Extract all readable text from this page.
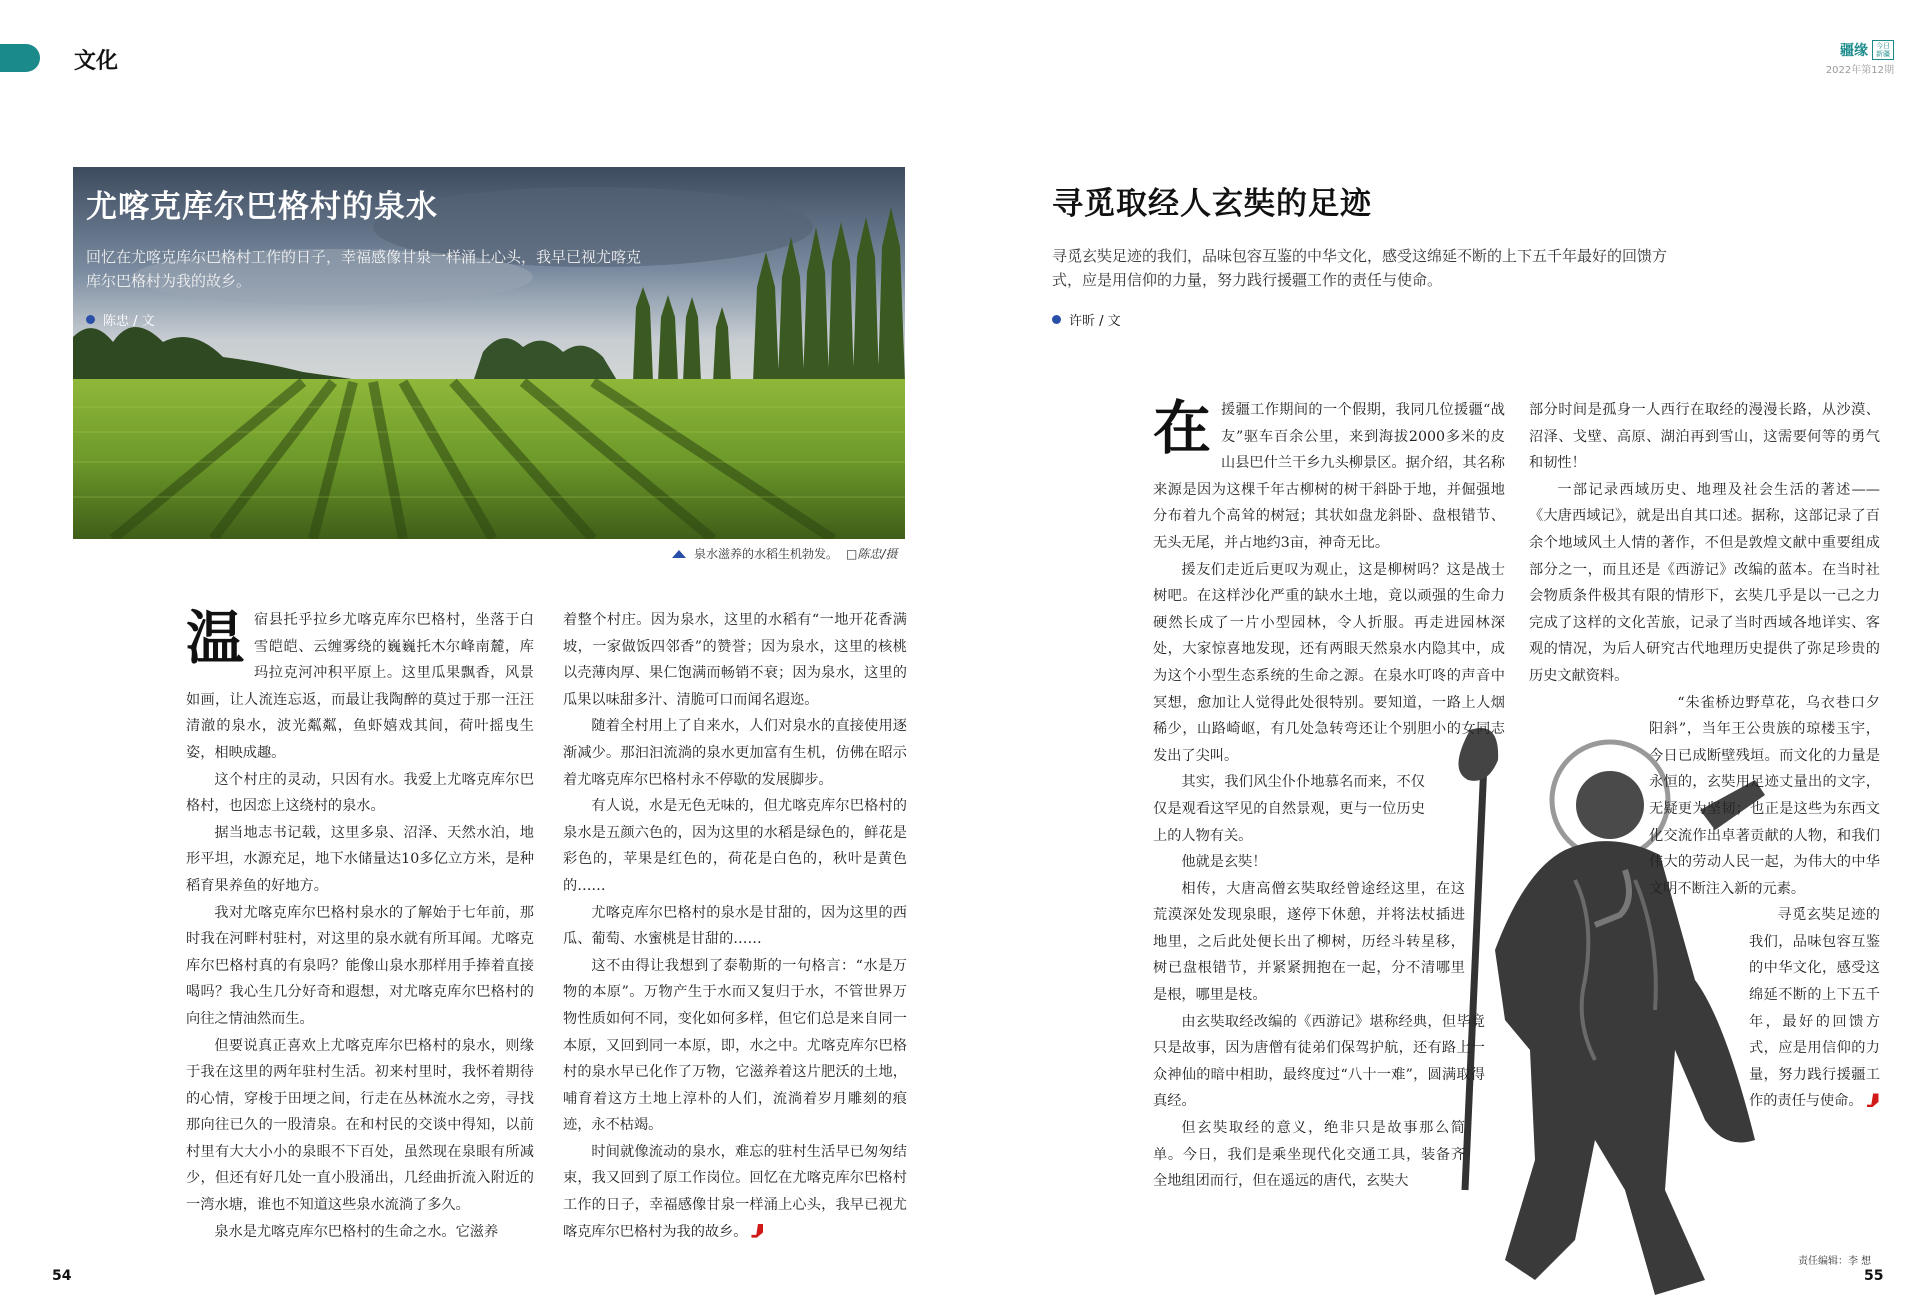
文化	疆缘	今日新疆
2022年第12期
尤喀克库尔巴格村的泉水
回忆在尤喀克库尔巴格村工作的日子，幸福感像甘泉一样涌上心头，我早已视尤喀克库尔巴格村为我的故乡。
陈忠 / 文
泉水滋养的水稻生机勃发。 □陈忠/摄

温宿县托乎拉乡尤喀克库尔巴格村，坐落于白雪皑皑、云缠雾绕的巍巍托木尔峰南麓，库玛拉克河冲积平原上。这里瓜果飘香，风景如画，让人流连忘返，而最让我陶醉的莫过于那一汪汪清澈的泉水，波光粼粼，鱼虾嬉戏其间，荷叶摇曳生姿，相映成趣。

这个村庄的灵动，只因有水。我爱上尤喀克库尔巴格村，也因恋上这绕村的泉水。

据当地志书记载，这里多泉、沼泽、天然水泊，地形平坦，水源充足，地下水储量达10多亿立方米，是种稻育果养鱼的好地方。

我对尤喀克库尔巴格村泉水的了解始于七年前，那时我在河畔村驻村，对这里的泉水就有所耳闻。尤喀克库尔巴格村真的有泉吗？能像山泉水那样用手捧着直接喝吗？我心生几分好奇和遐想，对尤喀克库尔巴格村的向往之情油然而生。

但要说真正喜欢上尤喀克库尔巴格村的泉水，则缘于我在这里的两年驻村生活。初来村里时，我怀着期待的心情，穿梭于田埂之间，行走在丛林流水之旁，寻找那向往已久的一股清泉。在和村民的交谈中得知，以前村里有大大小小的泉眼不下百处，虽然现在泉眼有所减少，但还有好几处一直小股涌出，几经曲折流入附近的一湾水塘，谁也不知道这些泉水流淌了多久。

泉水是尤喀克库尔巴格村的生命之水。它滋养

着整个村庄。因为泉水，这里的水稻有“一地开花香满坡，一家做饭四邻香”的赞誉；因为泉水，这里的核桃以壳薄肉厚、果仁饱满而畅销不衰；因为泉水，这里的瓜果以味甜多汁、清脆可口而闻名遐迩。

随着全村用上了自来水，人们对泉水的直接使用逐渐减少。那汩汩流淌的泉水更加富有生机，仿佛在昭示着尤喀克库尔巴格村永不停歇的发展脚步。

有人说，水是无色无味的，但尤喀克库尔巴格村的泉水是五颜六色的，因为这里的水稻是绿色的，鲜花是彩色的，苹果是红色的，荷花是白色的，秋叶是黄色的……

尤喀克库尔巴格村的泉水是甘甜的，因为这里的西瓜、葡萄、水蜜桃是甘甜的……

这不由得让我想到了泰勒斯的一句格言：“水是万物的本原”。万物产生于水而又复归于水，不管世界万物性质如何不同，变化如何多样，但它们总是来自同一本原，又回到同一本原，即，水之中。尤喀克库尔巴格村的泉水早已化作了万物，它滋养着这片肥沃的土地，哺育着这方土地上淳朴的人们，流淌着岁月雕刻的痕迹，永不枯竭。

时间就像流动的泉水，难忘的驻村生活早已匆匆结束，我又回到了原工作岗位。回忆在尤喀克库尔巴格村工作的日子，幸福感像甘泉一样涌上心头，我早已视尤喀克库尔巴格村为我的故乡。

寻觅取经人玄奘的足迹
寻觅玄奘足迹的我们，品味包容互鉴的中华文化，感受这绵延不断的上下五千年最好的回馈方式，应是用信仰的力量，努力践行援疆工作的责任与使命。
许昕 / 文

在援疆工作期间的一个假期，我同几位援疆“战友”驱车百余公里，来到海拔2000多米的皮山县巴什兰干乡九头柳景区。据介绍，其名称来源是因为这棵千年古柳树的树干斜卧于地，并倔强地分布着九个高耸的树冠；其状如盘龙斜卧、盘根错节、无头无尾，并占地约3亩，神奇无比。

援友们走近后更叹为观止，这是柳树吗？这是战士树吧。在这样沙化严重的缺水土地，竟以顽强的生命力硬然长成了一片小型园林，令人折服。再走进园林深处，大家惊喜地发现，还有两眼天然泉水内隐其中，成为这个小型生态系统的生命之源。在泉水叮咚的声音中冥想，愈加让人觉得此处很特别。要知道，一路上人烟稀少，山路崎岖，有几处急转弯还让个别胆小的女同志发出了尖叫。

其实，我们风尘仆仆地慕名而来，不仅仅是观看这罕见的自然景观，更与一位历史上的人物有关。

他就是玄奘！

相传，大唐高僧玄奘取经曾途经这里，在这荒漠深处发现泉眼，遂停下休憩，并将法杖插进地里，之后此处便长出了柳树，历经斗转星移，树已盘根错节，并紧紧拥抱在一起，分不清哪里是根，哪里是枝。

由玄奘取经改编的《西游记》堪称经典，但毕竟只是故事，因为唐僧有徒弟们保驾护航，还有路上一众神仙的暗中相助，最终度过“八十一难”，圆满取得真经。

但玄奘取经的意义，绝非只是故事那么简单。今日，我们是乘坐现代化交通工具，装备齐全地组团而行，但在遥远的唐代，玄奘大

部分时间是孤身一人西行在取经的漫漫长路，从沙漠、沼泽、戈壁、高原、湖泊再到雪山，这需要何等的勇气和韧性！

一部记录西域历史、地理及社会生活的著述——《大唐西域记》，就是出自其口述。据称，这部记录了百余个地域风土人情的著作，不但是敦煌文献中重要组成部分之一，而且还是《西游记》改编的蓝本。在当时社会物质条件极其有限的情形下，玄奘几乎是以一己之力完成了这样的文化苦旅，记录了当时西域各地详实、客观的情况，为后人研究古代地理历史提供了弥足珍贵的历史文献资料。

“朱雀桥边野草花，乌衣巷口夕阳斜”，当年王公贵族的琼楼玉宇，今日已成断壁残垣。而文化的力量是永恒的，玄奘用足迹丈量出的文字，无疑更为坚韧；也正是这些为东西文化交流作出卓著贡献的人物，和我们伟大的劳动人民一起，为伟大的中华文明不断注入新的元素。

寻觅玄奘足迹的我们，品味包容互鉴的中华文化，感受这绵延不断的上下五千年，最好的回馈方式，应是用信仰的力量，努力践行援疆工作的责任与使命。

责任编辑：李 想
54	55
